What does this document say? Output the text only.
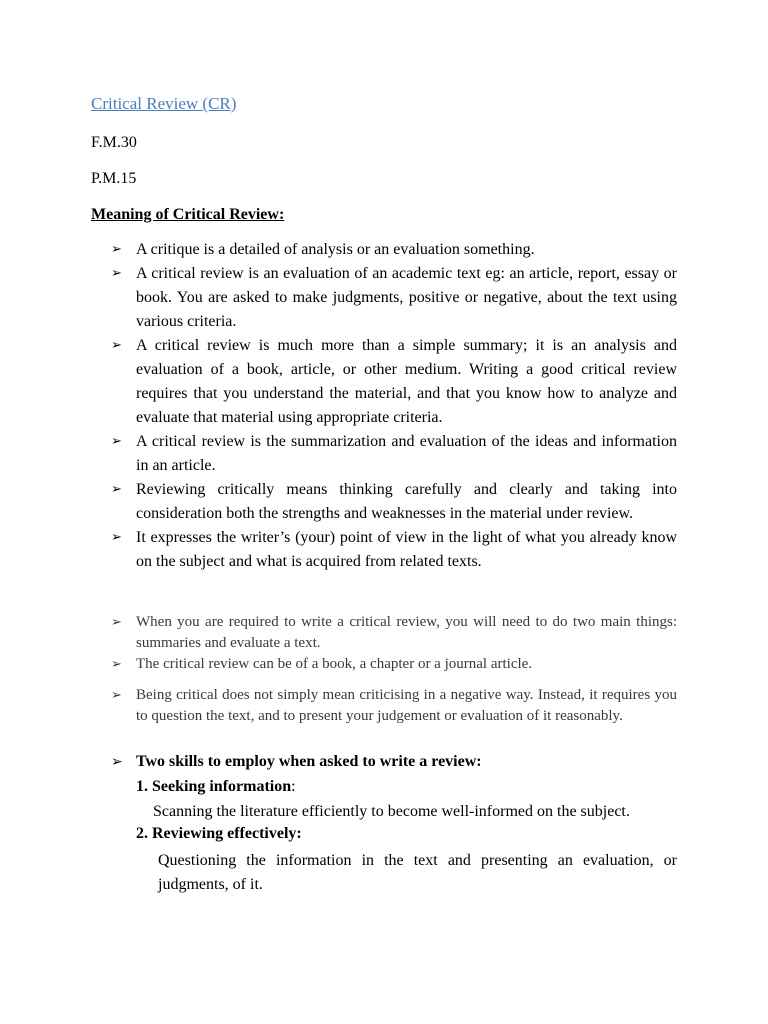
Critical Review (CR)
F.M.30
P.M.15
Meaning of Critical Review:
➢ A critique is a detailed of analysis or an evaluation something.
➢ A critical review is an evaluation of an academic text eg: an article, report, essay or book. You are asked to make judgments, positive or negative, about the text using various criteria.
➢ A critical review is much more than a simple summary; it is an analysis and evaluation of a book, article, or other medium. Writing a good critical review requires that you understand the material, and that you know how to analyze and evaluate that material using appropriate criteria.
➢ A critical review is the summarization and evaluation of the ideas and information in an article.
➢ Reviewing critically means thinking carefully and clearly and taking into consideration both the strengths and weaknesses in the material under review.
➢ It expresses the writer’s (your) point of view in the light of what you already know on the subject and what is acquired from related texts.
➢ When you are required to write a critical review, you will need to do two main things: summaries and evaluate a text.
➢ The critical review can be of a book, a chapter or a journal article.
➢ Being critical does not simply mean criticising in a negative way. Instead, it requires you to question the text, and to present your judgement or evaluation of it reasonably.
➢ Two skills to employ when asked to write a review:
1. Seeking information:
Scanning the literature efficiently to become well-informed on the subject.
2. Reviewing effectively:
Questioning the information in the text and presenting an evaluation, or judgments, of it.
